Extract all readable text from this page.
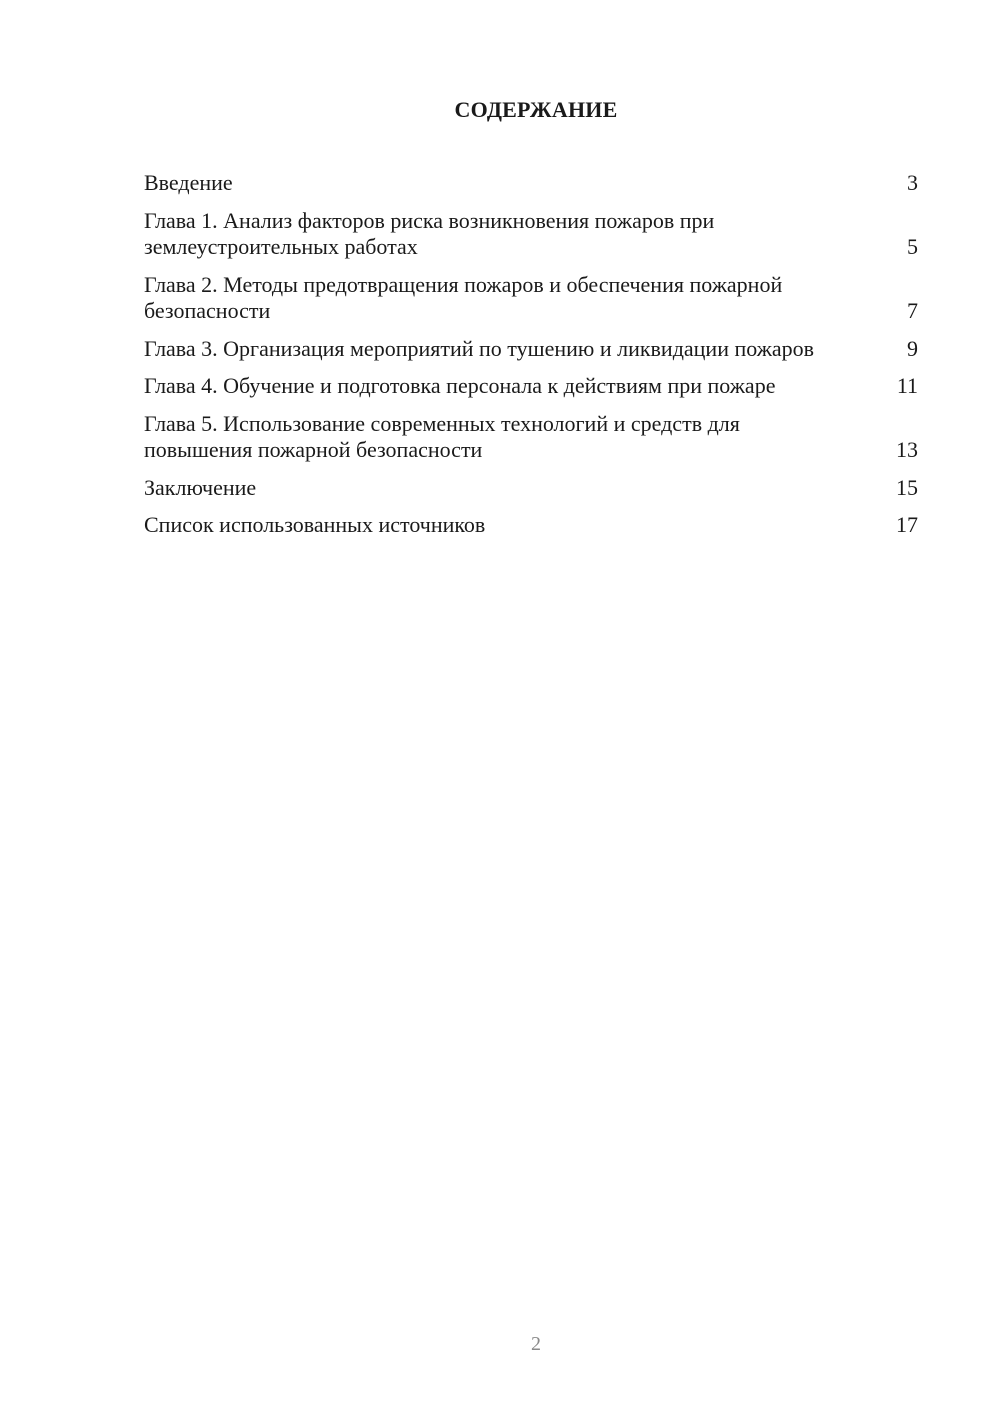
СОДЕРЖАНИЕ
Введение	3
Глава 1. Анализ факторов риска возникновения пожаров при землеустроительных работах	5
Глава 2. Методы предотвращения пожаров и обеспечения пожарной безопасности	7
Глава 3. Организация мероприятий по тушению и ликвидации пожаров	9
Глава 4. Обучение и подготовка персонала к действиям при пожаре	11
Глава 5. Использование современных технологий и средств для повышения пожарной безопасности	13
Заключение	15
Список использованных источников	17
2
